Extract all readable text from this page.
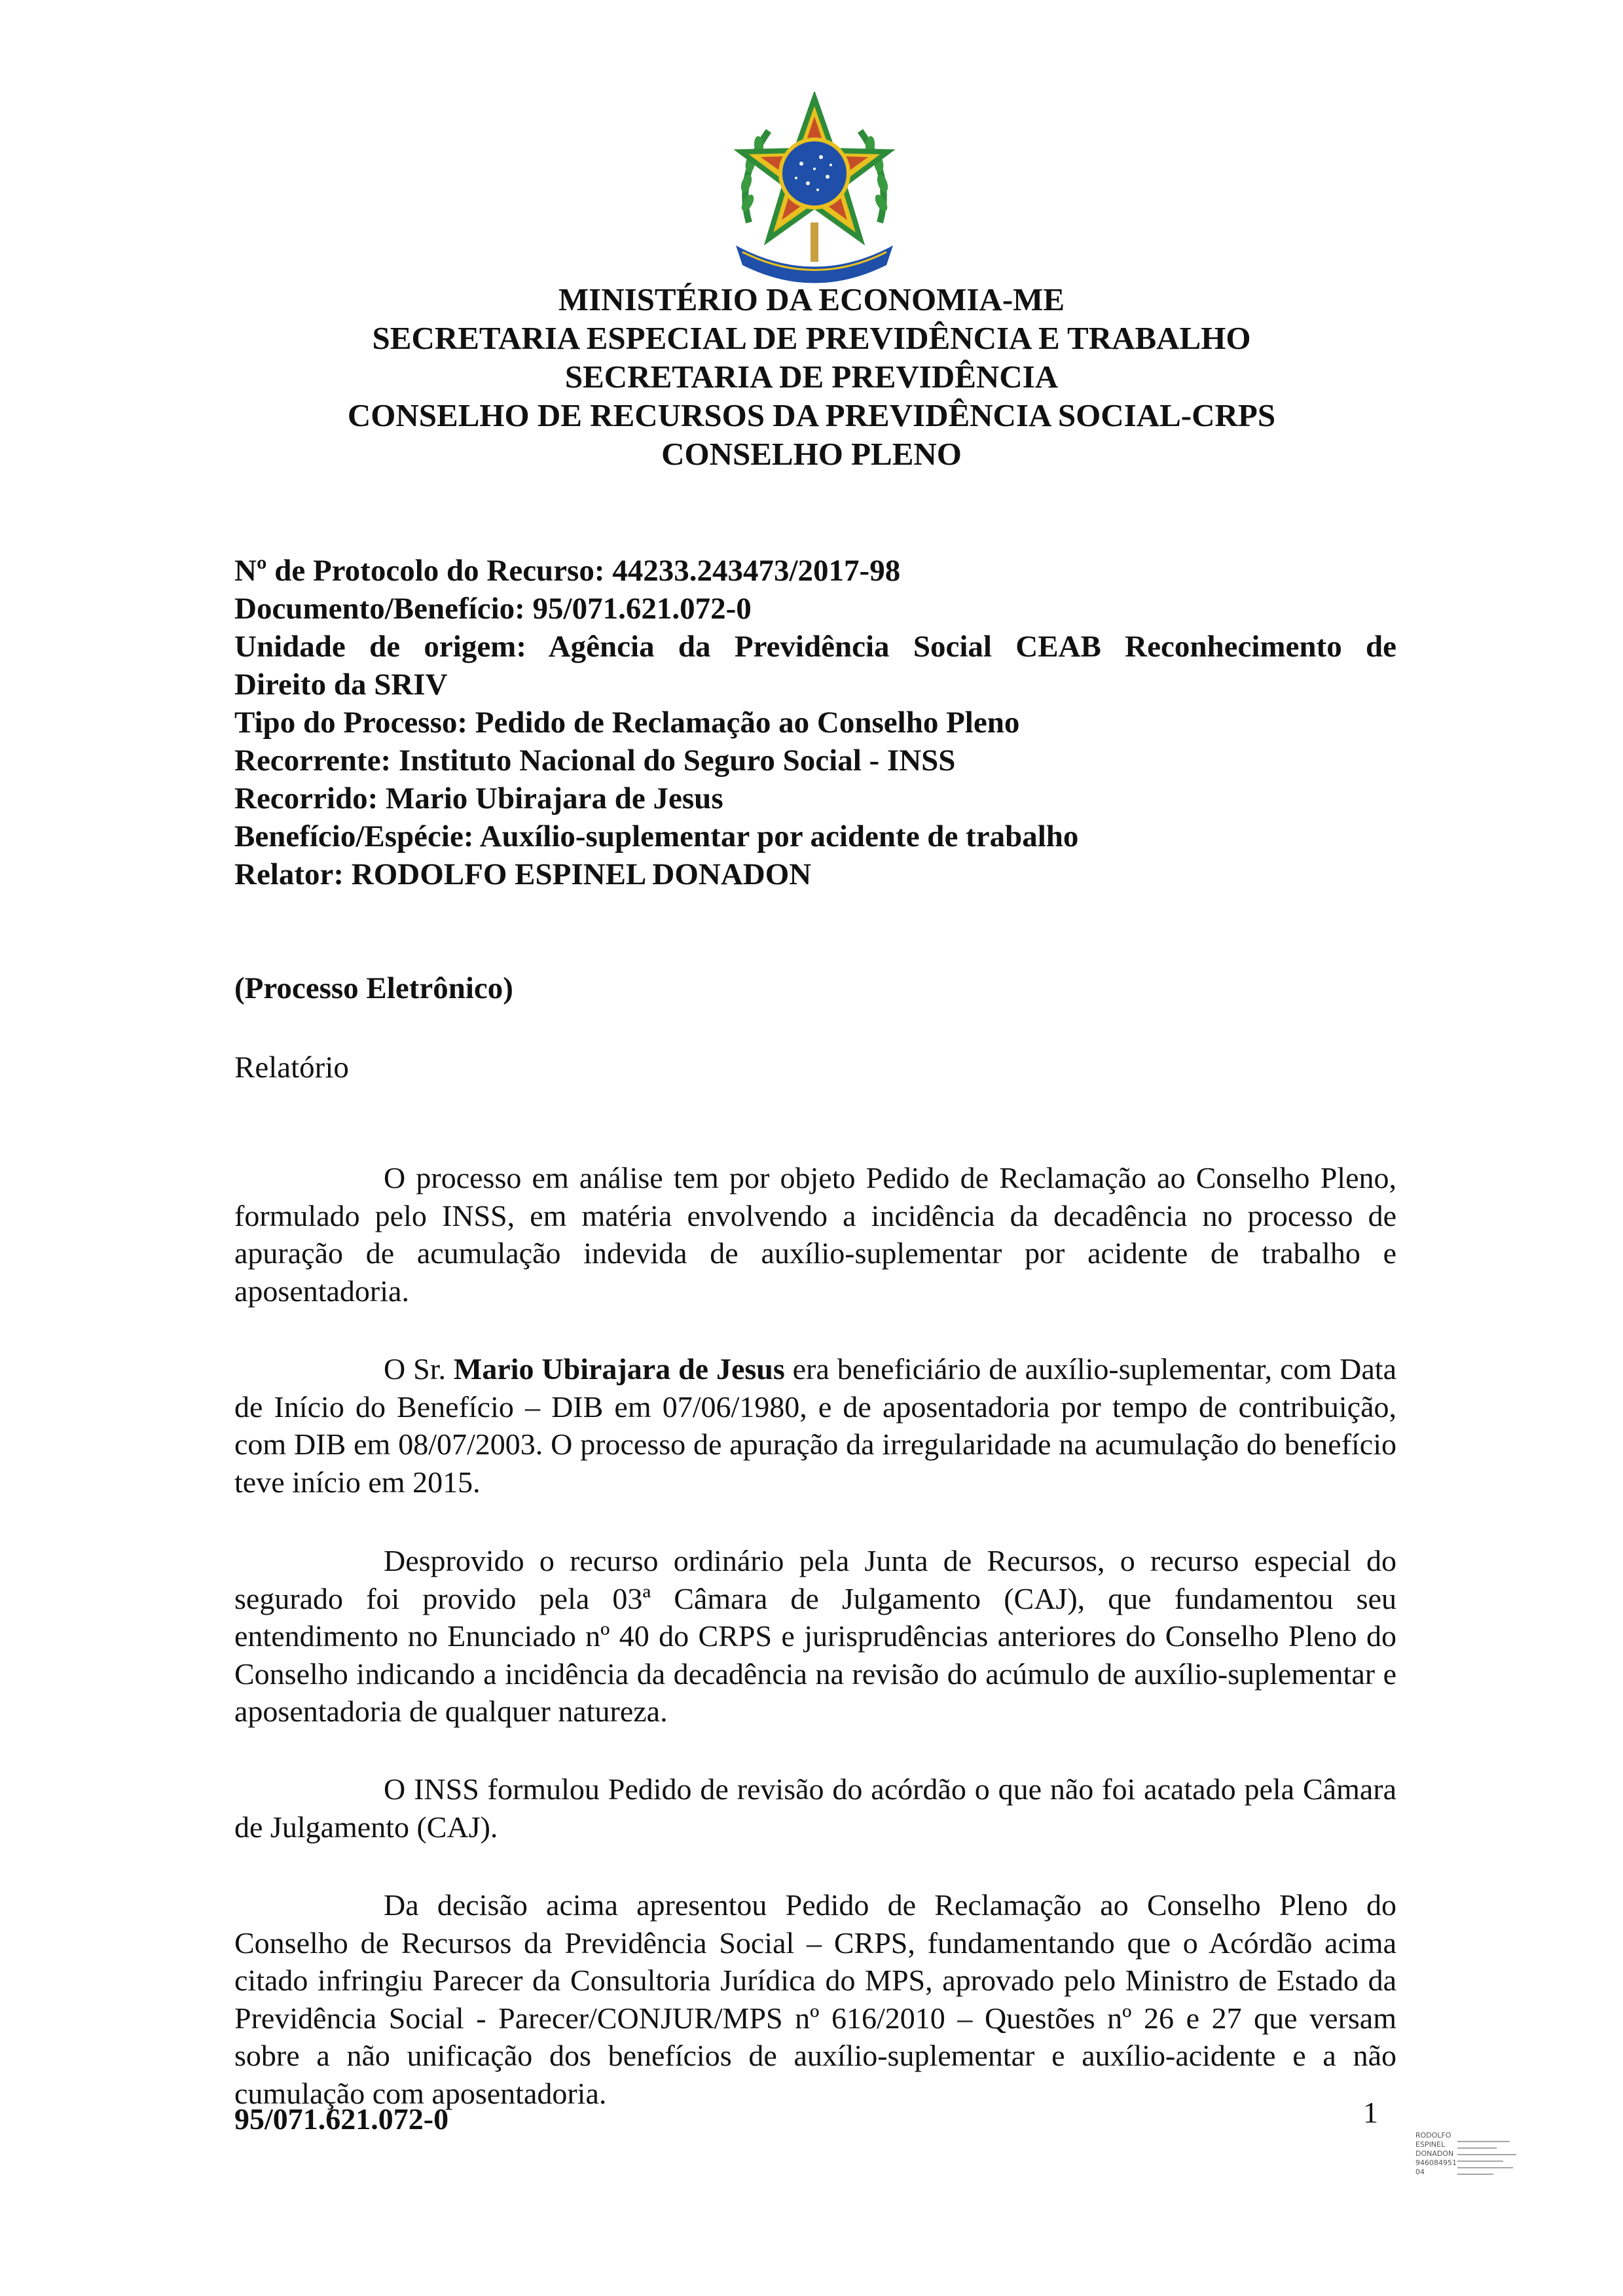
MINISTÉRIO DA ECONOMIA-ME
SECRETARIA ESPECIAL DE PREVIDÊNCIA E TRABALHO
SECRETARIA DE PREVIDÊNCIA
CONSELHO DE RECURSOS DA PREVIDÊNCIA SOCIAL-CRPS
CONSELHO PLENO
Nº de Protocolo do Recurso: 44233.243473/2017-98
Documento/Benefício: 95/071.621.072-0
Unidade de origem: Agência da Previdência Social CEAB Reconhecimento de
Direito da SRIV
Tipo do Processo: Pedido de Reclamação ao Conselho Pleno
Recorrente: Instituto Nacional do Seguro Social - INSS
Recorrido: Mario Ubirajara de Jesus
Benefício/Espécie: Auxílio-suplementar por acidente de trabalho
Relator: RODOLFO ESPINEL DONADON
(Processo Eletrônico)
Relatório

O processo em análise tem por objeto Pedido de Reclamação ao Conselho Pleno, formulado pelo INSS, em matéria envolvendo a incidência da decadência no processo de apuração de acumulação indevida de auxílio-suplementar por acidente de trabalho e aposentadoria.

O Sr. Mario Ubirajara de Jesus era beneficiário de auxílio-suplementar, com Data de Início do Benefício – DIB em 07/06/1980, e de aposentadoria por tempo de contribuição, com DIB em 08/07/2003. O processo de apuração da irregularidade na acumulação do benefício teve início em 2015.

Desprovido o recurso ordinário pela Junta de Recursos, o recurso especial do segurado foi provido pela 03ª Câmara de Julgamento (CAJ), que fundamentou seu entendimento no Enunciado nº 40 do CRPS e jurisprudências anteriores do Conselho Pleno do Conselho indicando a incidência da decadência na revisão do acúmulo de auxílio-suplementar e aposentadoria de qualquer natureza.

O INSS formulou Pedido de revisão do acórdão o que não foi acatado pela Câmara de Julgamento (CAJ).

Da decisão acima apresentou Pedido de Reclamação ao Conselho Pleno do Conselho de Recursos da Previdência Social – CRPS, fundamentando que o Acórdão acima citado infringiu Parecer da Consultoria Jurídica do MPS, aprovado pelo Ministro de Estado da Previdência Social - Parecer/CONJUR/MPS nº 616/2010 – Questões nº 26 e 27 que versam sobre a não unificação dos benefícios de auxílio-suplementar e auxílio-acidente e a não cumulação com aposentadoria.

95/071.621.072-0	1
RODOLFO
ESPINEL
DONADON
946084951
04
